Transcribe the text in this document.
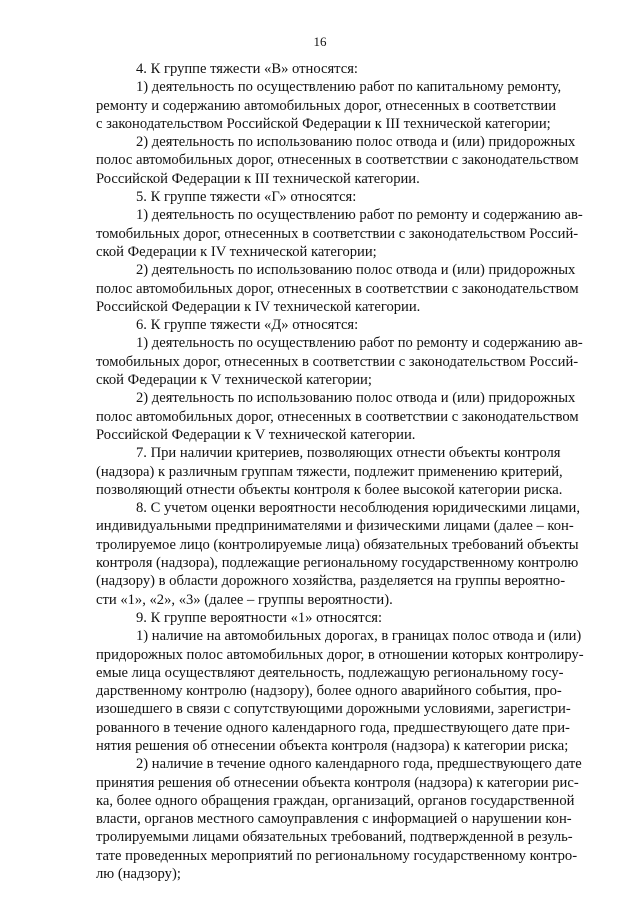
16

4. К группе тяжести «В» относятся:

1) деятельность по осуществлению работ по капитальному ремонту,
ремонту и содержанию автомобильных дорог, отнесенных в соответствии
с законодательством Российской Федерации к III технической категории;

2) деятельность по использованию полос отвода и (или) придорожных
полос автомобильных дорог, отнесенных в соответствии с законодательством
Российской Федерации к III технической категории.

5. К группе тяжести «Г» относятся:

1) деятельность по осуществлению работ по ремонту и содержанию ав-
томобильных дорог, отнесенных в соответствии с законодательством Россий-
ской Федерации к IV технической категории;

2) деятельность по использованию полос отвода и (или) придорожных
полос автомобильных дорог, отнесенных в соответствии с законодательством
Российской Федерации к IV технической категории.

6. К группе тяжести «Д» относятся:

1) деятельность по осуществлению работ по ремонту и содержанию ав-
томобильных дорог, отнесенных в соответствии с законодательством Россий-
ской Федерации к V технической категории;

2) деятельность по использованию полос отвода и (или) придорожных
полос автомобильных дорог, отнесенных в соответствии с законодательством
Российской Федерации к V технической категории.

7. При наличии критериев, позволяющих отнести объекты контроля
(надзора) к различным группам тяжести, подлежит применению критерий,
позволяющий отнести объекты контроля к более высокой категории риска.

8. С учетом оценки вероятности несоблюдения юридическими лицами,
индивидуальными предпринимателями и физическими лицами (далее – кон-
тролируемое лицо (контролируемые лица) обязательных требований объекты
контроля (надзора), подлежащие региональному государственному контролю
(надзору) в области дорожного хозяйства, разделяется на группы вероятно-
сти «1», «2», «3» (далее – группы вероятности).

9. К группе вероятности «1» относятся:

1) наличие на автомобильных дорогах, в границах полос отвода и (или)
придорожных полос автомобильных дорог, в отношении которых контролиру-
емые лица осуществляют деятельность, подлежащую региональному госу-
дарственному контролю (надзору), более одного аварийного события, про-
изошедшего в связи с сопутствующими дорожными условиями, зарегистри-
рованного в течение одного календарного года, предшествующего дате при-
нятия решения об отнесении объекта контроля (надзора) к категории риска;

2) наличие в течение одного календарного года, предшествующего дате
принятия решения об отнесении объекта контроля (надзора) к категории рис-
ка, более одного обращения граждан, организаций, органов государственной
власти, органов местного самоуправления с информацией о нарушении кон-
тролируемыми лицами обязательных требований, подтвержденной в резуль-
тате проведенных мероприятий по региональному государственному контро-
лю (надзору);
